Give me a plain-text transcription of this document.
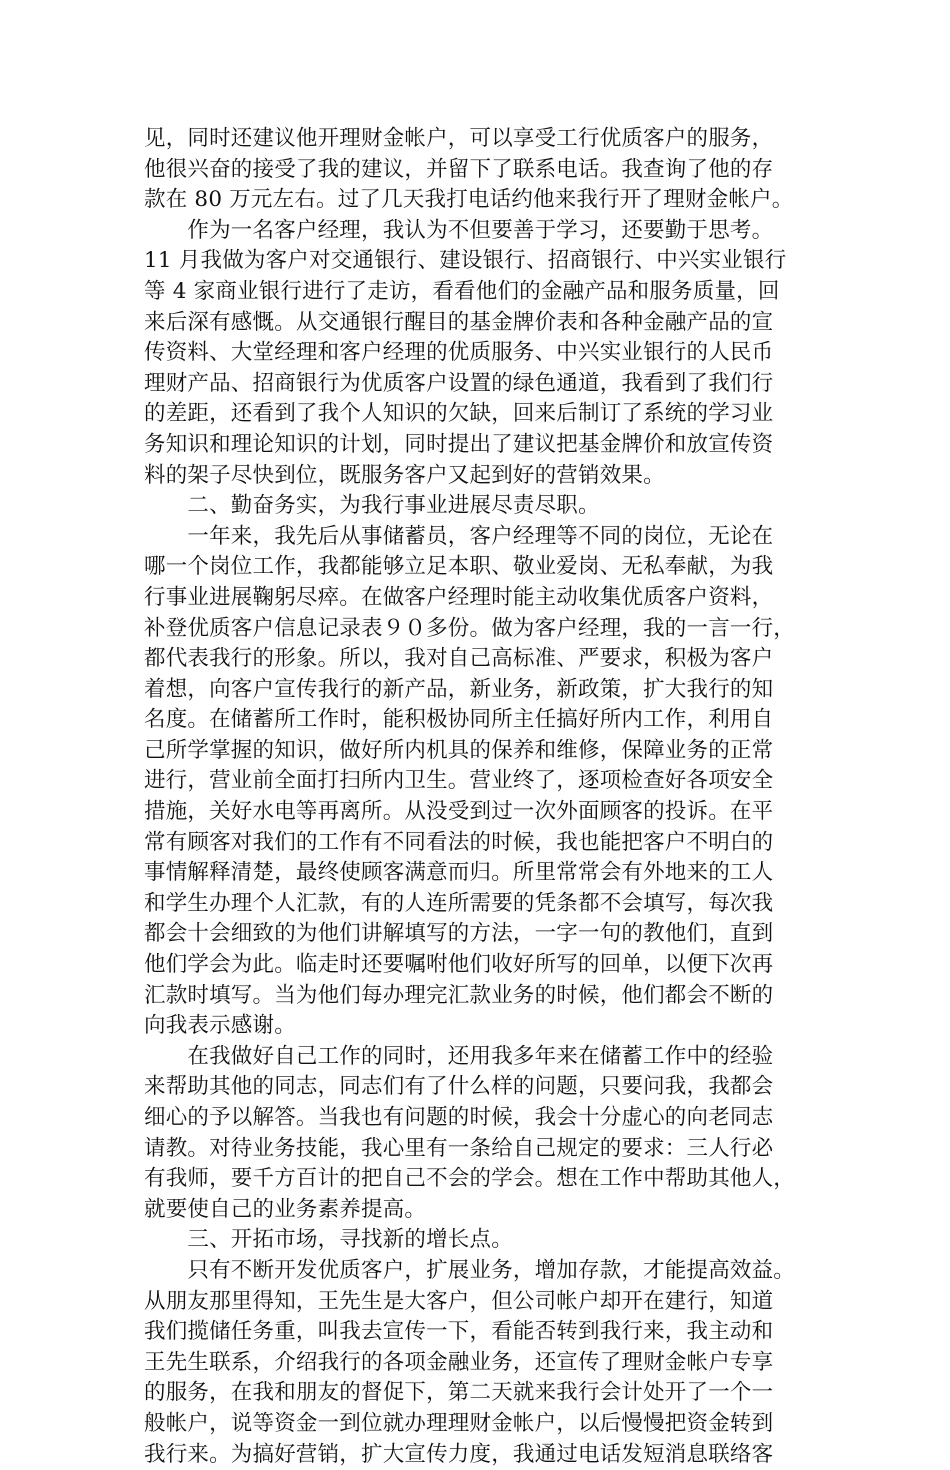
见，同时还建议他开理财金帐户，可以享受工行优质客户的服务，
他很兴奋的接受了我的建议，并留下了联系电话。我查询了他的存
款在 80 万元左右。过了几天我打电话约他来我行开了理财金帐户。
　　作为一名客户经理，我认为不但要善于学习，还要勤于思考。
11 月我做为客户对交通银行、建设银行、招商银行、中兴实业银行
等 4 家商业银行进行了走访，看看他们的金融产品和服务质量，回
来后深有感慨。从交通银行醒目的基金牌价表和各种金融产品的宣
传资料、大堂经理和客户经理的优质服务、中兴实业银行的人民币
理财产品、招商银行为优质客户设置的绿色通道，我看到了我们行
的差距，还看到了我个人知识的欠缺，回来后制订了系统的学习业
务知识和理论知识的计划，同时提出了建议把基金牌价和放宣传资
料的架子尽快到位，既服务客户又起到好的营销效果。
　　二、勤奋务实，为我行事业进展尽责尽职。
　　一年来，我先后从事储蓄员，客户经理等不同的岗位，无论在
哪一个岗位工作，我都能够立足本职、敬业爱岗、无私奉献，为我
行事业进展鞠躬尽瘁。在做客户经理时能主动收集优质客户资料，
补登优质客户信息记录表９０多份。做为客户经理，我的一言一行，
都代表我行的形象。所以，我对自己高标准、严要求，积极为客户
着想，向客户宣传我行的新产品，新业务，新政策，扩大我行的知
名度。在储蓄所工作时，能积极协同所主任搞好所内工作，利用自
己所学掌握的知识，做好所内机具的保养和维修，保障业务的正常
进行，营业前全面打扫所内卫生。营业终了，逐项检查好各项安全
措施，关好水电等再离所。从没受到过一次外面顾客的投诉。在平
常有顾客对我们的工作有不同看法的时候，我也能把客户不明白的
事情解释清楚，最终使顾客满意而归。所里常常会有外地来的工人
和学生办理个人汇款，有的人连所需要的凭条都不会填写，每次我
都会十会细致的为他们讲解填写的方法，一字一句的教他们，直到
他们学会为此。临走时还要嘱咐他们收好所写的回单，以便下次再
汇款时填写。当为他们每办理完汇款业务的时候，他们都会不断的
向我表示感谢。
　　在我做好自己工作的同时，还用我多年来在储蓄工作中的经验
来帮助其他的同志，同志们有了什么样的问题，只要问我，我都会
细心的予以解答。当我也有问题的时候，我会十分虚心的向老同志
请教。对待业务技能，我心里有一条给自己规定的要求：三人行必
有我师，要千方百计的把自己不会的学会。想在工作中帮助其他人，
就要使自己的业务素养提高。
　　三、开拓市场，寻找新的增长点。
　　只有不断开发优质客户，扩展业务，增加存款，才能提高效益。
从朋友那里得知，王先生是大客户，但公司帐户却开在建行，知道
我们揽储任务重，叫我去宣传一下，看能否转到我行来，我主动和
王先生联系，介绍我行的各项金融业务，还宣传了理财金帐户专享
的服务，在我和朋友的督促下，第二天就来我行会计处开了一个一
般帐户，说等资金一到位就办理理财金帐户，以后慢慢把资金转到
我行来。为搞好营销，扩大宣传力度，我通过电话发短消息联络客
